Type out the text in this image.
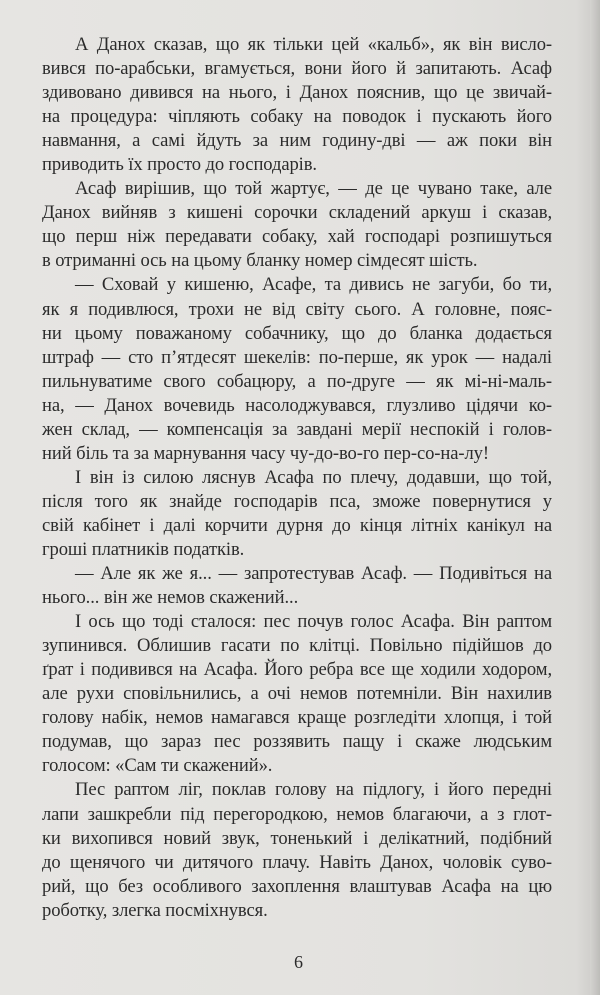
А Данох сказав, що як тільки цей «кальб», як він висло-
вився по-арабськи, вгамується, вони його й запитають. Асаф
здивовано дивився на нього, і Данох пояснив, що це звичай-
на процедура: чіпляють собаку на поводок і пускають його
навмання, а самі йдуть за ним годину-дві — аж поки він
приводить їх просто до господарів.
Асаф вирішив, що той жартує, — де це чувано таке, але
Данох вийняв з кишені сорочки складений аркуш і сказав,
що перш ніж передавати собаку, хай господарі розпишуться
в отриманні ось на цьому бланку номер сімдесят шість.
— Сховай у кишеню, Асафе, та дивись не загуби, бо ти,
як я подивлюся, трохи не від світу сього. А головне, пояс-
ни цьому поважаному собачнику, що до бланка додається
штраф — сто п’ятдесят шекелів: по-перше, як урок — надалі
пильнуватиме свого собацюру, а по-друге — як мі-ні-маль-
на, — Данох вочевидь насолоджувався, глузливо цідячи ко-
жен склад, — компенсація за завдані мерії неспокій і голов-
ний біль та за марнування часу чу-до-во-го пер-со-на-лу!
І він із силою ляснув Асафа по плечу, додавши, що той,
після того як знайде господарів пса, зможе повернутися у
свій кабінет і далі корчити дурня до кінця літніх канікул на
гроші платників податків.
— Але як же я... — запротестував Асаф. — Подивіться на
нього... він же немов скажений...
І ось що тоді сталося: пес почув голос Асафа. Він раптом
зупинився. Облишив гасати по клітці. Повільно підійшов до
ґрат і подивився на Асафа. Його ребра все ще ходили ходором,
але рухи сповільнились, а очі немов потемніли. Він нахилив
голову набік, немов намагався краще розгледіти хлопця, і той
подумав, що зараз пес роззявить пащу і скаже людським
голосом: «Сам ти скажений».
Пес раптом ліг, поклав голову на підлогу, і його передні
лапи зашкребли під перегородкою, немов благаючи, а з глот-
ки вихопився новий звук, тоненький і делікатний, подібний
до щенячого чи дитячого плачу. Навіть Данох, чоловік суво-
рий, що без особливого захоплення влаштував Асафа на цю
роботку, злегка посміхнувся.
6
